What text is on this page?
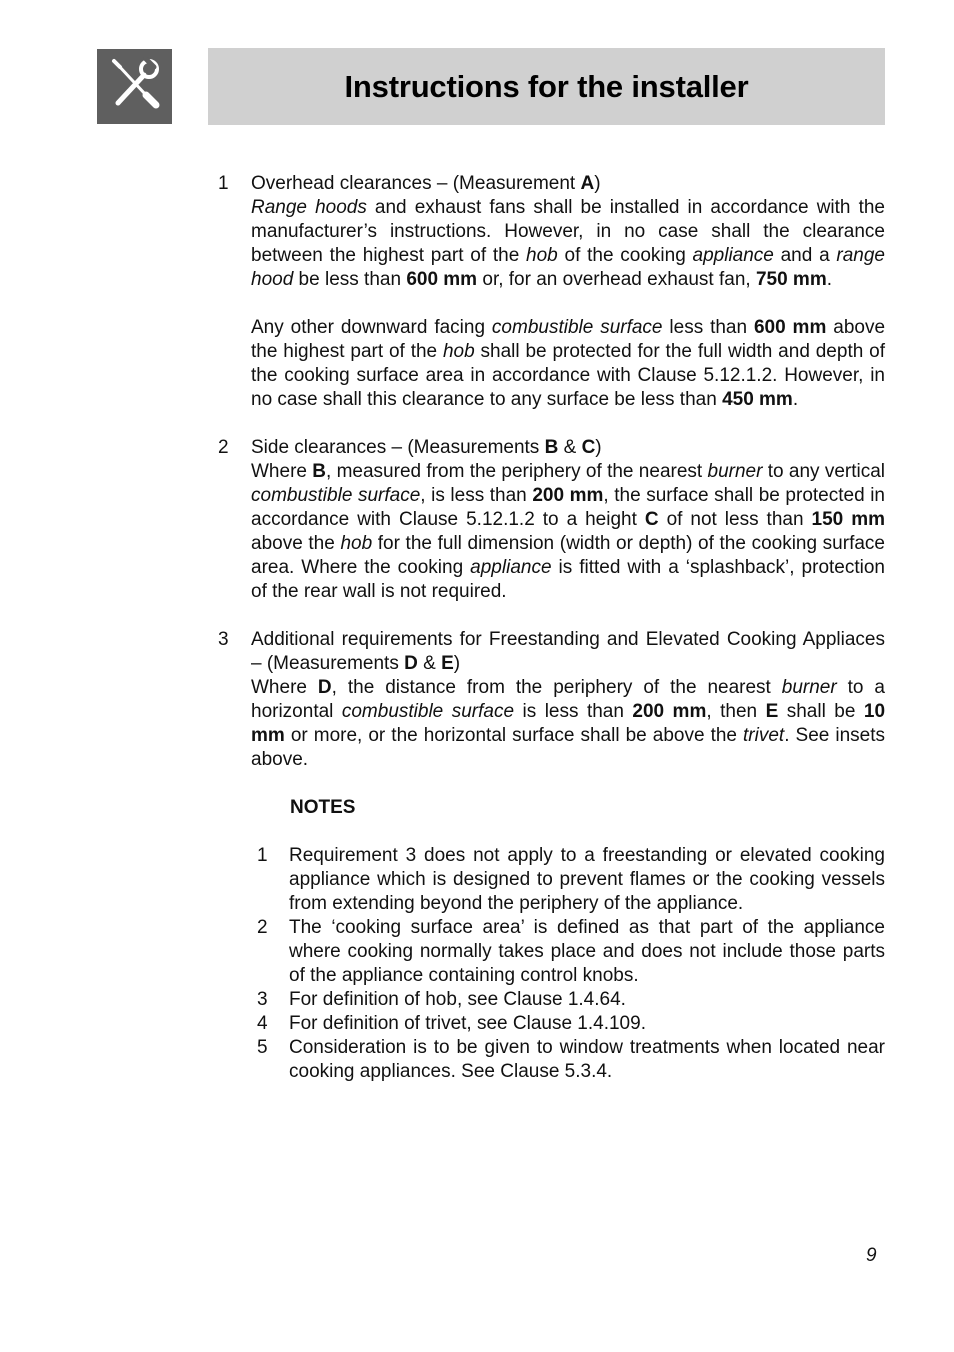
Instructions for the installer
1	Overhead clearances – (Measurement A)
Range hoods and exhaust fans shall be installed in accordance with the manufacturer’s instructions. However, in no case shall the clearance between the highest part of the hob of the cooking appliance and a range hood be less than 600 mm or, for an overhead exhaust fan, 750 mm.

Any other downward facing combustible surface less than 600 mm above the highest part of the hob shall be protected for the full width and depth of the cooking surface area in accordance with Clause 5.12.1.2. However, in no case shall this clearance to any surface be less than 450 mm.

2	Side clearances – (Measurements B & C)
Where B, measured from the periphery of the nearest burner to any vertical combustible surface, is less than 200 mm, the surface shall be protected in accordance with Clause 5.12.1.2 to a height C of not less than 150 mm above the hob for the full dimension (width or depth) of the cooking surface area. Where the cooking appliance is fitted with a ‘splashback’, protection of the rear wall is not required.

3	Additional requirements for Freestanding and Elevated Cooking Appliaces – (Measurements D & E)
Where D, the distance from the periphery of the nearest burner to a horizontal combustible surface is less than 200 mm, then E shall be 10 mm or more, or the horizontal surface shall be above the trivet. See insets above.

NOTES
1	Requirement 3 does not apply to a freestanding or elevated cooking appliance which is designed to prevent flames or the cooking vessels from extending beyond the periphery of the appliance.
2	The ‘cooking surface area’ is defined as that part of the appliance where cooking normally takes place and does not include those parts of the appliance containing control knobs.
3	For definition of hob, see Clause 1.4.64.
4	For definition of trivet, see Clause 1.4.109.
5	Consideration is to be given to window treatments when located near cooking appliances. See Clause 5.3.4.
9
